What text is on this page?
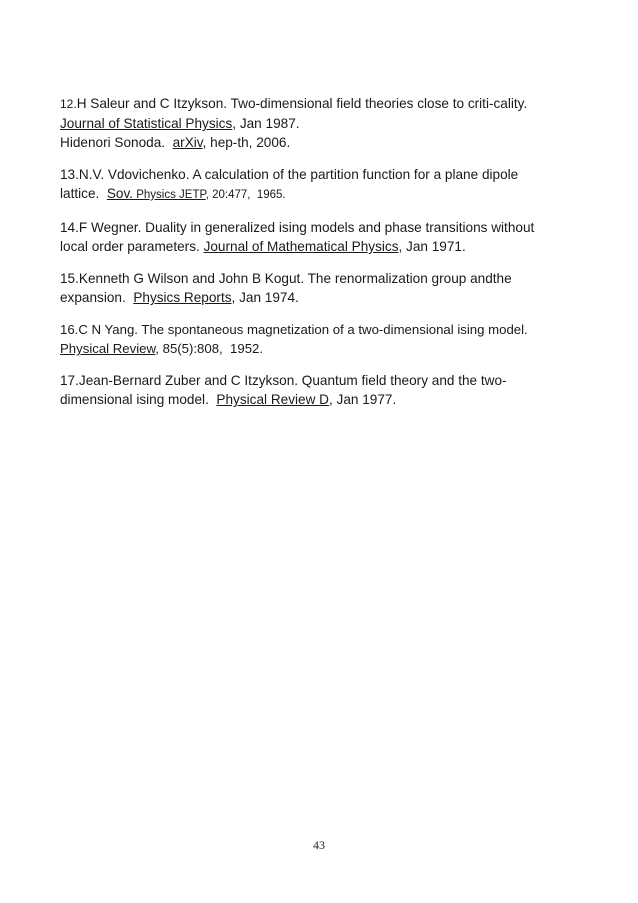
12.H Saleur and C Itzykson. Two-dimensional field theories close to criti-cality.
Journal of Statistical Physics, Jan 1987.
Hidenori Sonoda.  arXiv, hep-th, 2006.
13.N.V. Vdovichenko. A calculation of the partition function for a plane dipole
lattice.  Sov. Physics JETP, 20:477,  1965.
14.F Wegner. Duality in generalized ising models and phase transitions without
local order parameters. Journal of Mathematical Physics, Jan 1971.
15.Kenneth G Wilson and John B Kogut. The renormalization group andthe
expansion.  Physics Reports, Jan 1974.
16.C N Yang. The spontaneous magnetization of a two-dimensional ising model.
Physical Review, 85(5):808,  1952.
17.Jean-Bernard Zuber and C Itzykson. Quantum field theory and the two-
dimensional ising model.  Physical Review D, Jan 1977.
43
